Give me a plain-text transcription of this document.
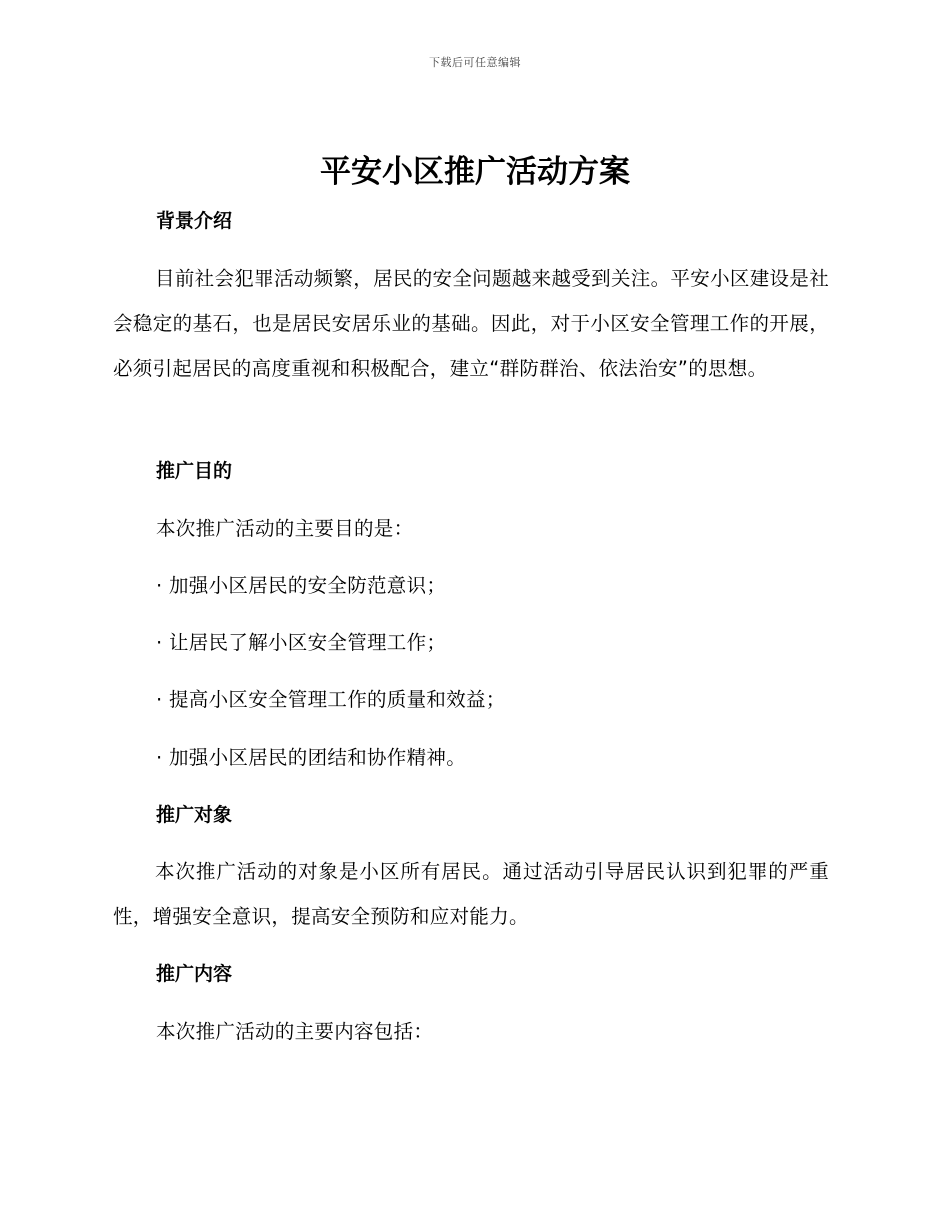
下载后可任意编辑
平安小区推广活动方案
背景介绍

目前社会犯罪活动频繁，居民的安全问题越来越受到关注。平安小区建设是社会稳定的基石，也是居民安居乐业的基础。因此，对于小区安全管理工作的开展，必须引起居民的高度重视和积极配合，建立“群防群治、依法治安”的思想。

推广目的

本次推广活动的主要目的是：

· 加强小区居民的安全防范意识；

· 让居民了解小区安全管理工作；

· 提高小区安全管理工作的质量和效益；

· 加强小区居民的团结和协作精神。

推广对象

本次推广活动的对象是小区所有居民。通过活动引导居民认识到犯罪的严重性，增强安全意识，提高安全预防和应对能力。

推广内容

本次推广活动的主要内容包括：
